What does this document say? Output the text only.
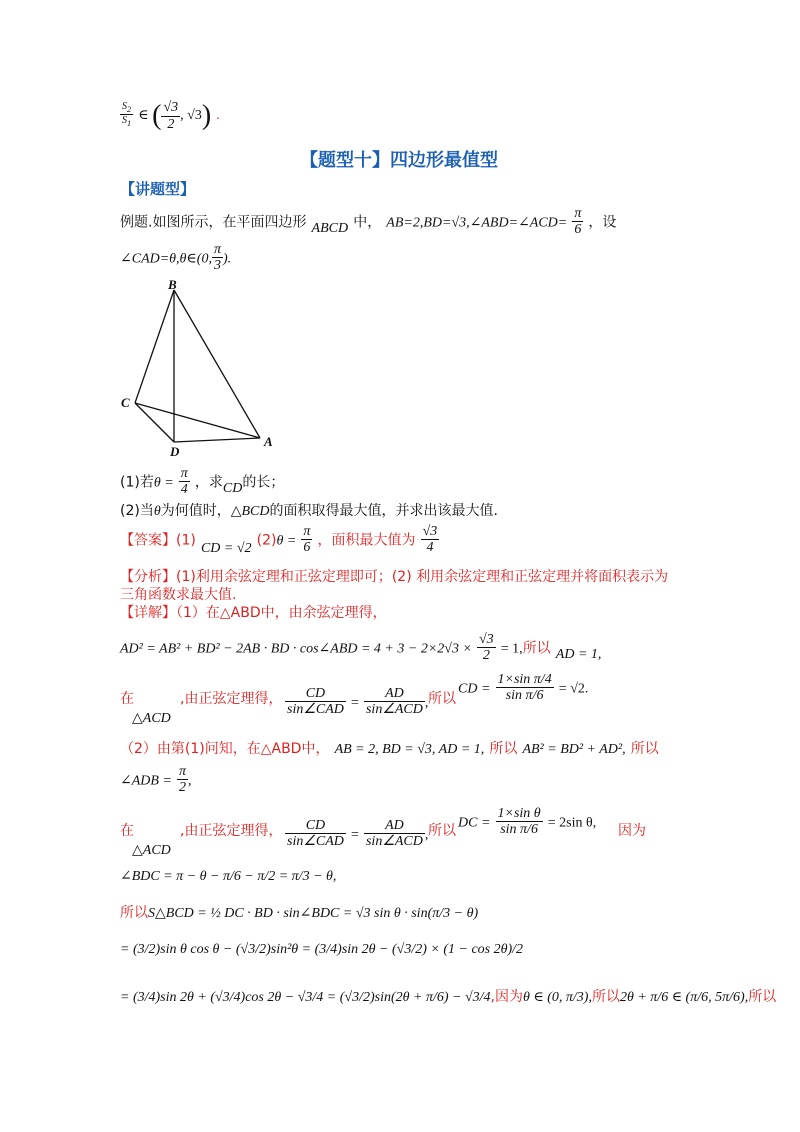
$\frac{S_2}{S_1}$ ∈ ( $\frac{√3}{2}$ , √3) .
【题型十】四边形最值型
【讲题型】
例题.如图所示，在平面四边形 ABCD 中， AB=2,BD=√3,∠ABD=∠ACD= $\frac{\pi}{6}$ ，设
∠CAD=θ,θ∈(0, $\frac{\pi}{3}$ ).
B
C
D
A
(1)若$\theta = \frac{\pi}{4}$ ，求CD的长；
(2)当θ为何值时，△BCD的面积取得最大值，并求出该最大值.
【答案】(1) CD = √2 $(2)\theta = \frac{\pi}{6}$ ，面积最大值为 $\frac{√3}{4}$
【分析】(1)利用余弦定理和正弦定理即可；(2) 利用余弦定理和正弦定理并将面积表示为
三角函数求最大值.
【详解】（1）在△ABD中，由余弦定理得，
AD² = AB² + BD² − 2AB · BD · cos∠ABD = $4 + 3 - 2\times 2√3 \times \frac{√3}{2} = 1$,所以 AD = 1,
在
△ACD
,由正弦定理得， $\frac{CD}{\text{sin∠CAD}} = \frac{AD}{\text{sin∠ACD}}$ , 所以
CD = $\frac{\text{1×sin π/4}}{\text{sin π/6}} = √2$.
（2）由第(1)问知，在△ABD中， AB = 2, BD = √3, AD = 1, 所以 AB² = BD² + AD², 所以
∠ADB = $\frac{\pi}{2}$ ,
在
△ACD
,由正弦定理得， $\frac{CD}{\text{sin∠CAD}} = \frac{AD}{\text{sin∠ACD}}$ , 所以
DC = $\frac{\text{1×sin θ}}{\text{sin π/6}} = 2\sin$ θ,
因为
∠BDC = π − θ − π/6 − π/2 = π/3 − θ,
所以S△BCD = ½ DC · BD · sin∠BDC = √3 sin θ · sin(π/3 − θ)
= (3/2)sin θ cos θ − (√3/2)sin²θ = (3/4)sin 2θ − (√3/2) × (1 − cos 2θ)/2
= (3/4)sin 2θ + (√3/4)cos 2θ − √3/4 = (√3/2)sin(2θ + π/6) − √3/4,因为θ ∈ (0, π/3),所以2θ + π/6 ∈ (π/6, 5π/6),所以
